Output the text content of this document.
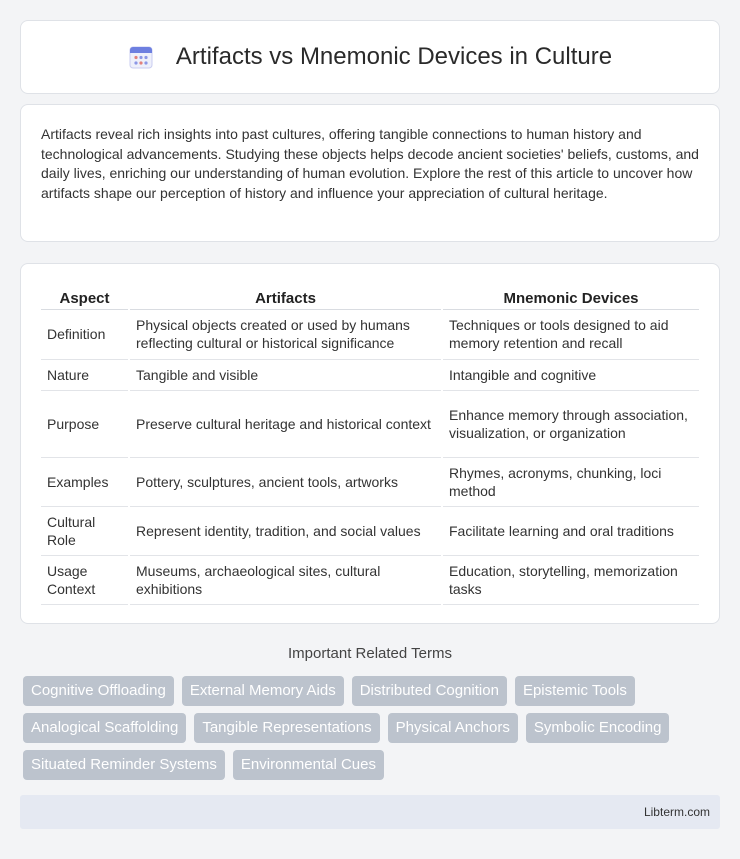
Artifacts vs Mnemonic Devices in Culture

Artifacts reveal rich insights into past cultures, offering tangible connections to human history and technological advancements. Studying these objects helps decode ancient societies' beliefs, customs, and daily lives, enriching our understanding of human evolution. Explore the rest of this article to uncover how artifacts shape our perception of history and influence your appreciation of cultural heritage.

Aspect	Artifacts	Mnemonic Devices
Definition	Physical objects created or used by humans reflecting cultural or historical significance	Techniques or tools designed to aid memory retention and recall
Nature	Tangible and visible	Intangible and cognitive
Purpose	Preserve cultural heritage and historical context	Enhance memory through association, visualization, or organization
Examples	Pottery, sculptures, ancient tools, artworks	Rhymes, acronyms, chunking, loci method
Cultural Role	Represent identity, tradition, and social values	Facilitate learning and oral traditions
Usage Context	Museums, archaeological sites, cultural exhibitions	Education, storytelling, memorization tasks
Important Related Terms
Cognitive Offloading	External Memory Aids	Distributed Cognition	Epistemic Tools
Analogical Scaffolding	Tangible Representations	Physical Anchors	Symbolic Encoding
Situated Reminder Systems	Environmental Cues
Libterm.com
